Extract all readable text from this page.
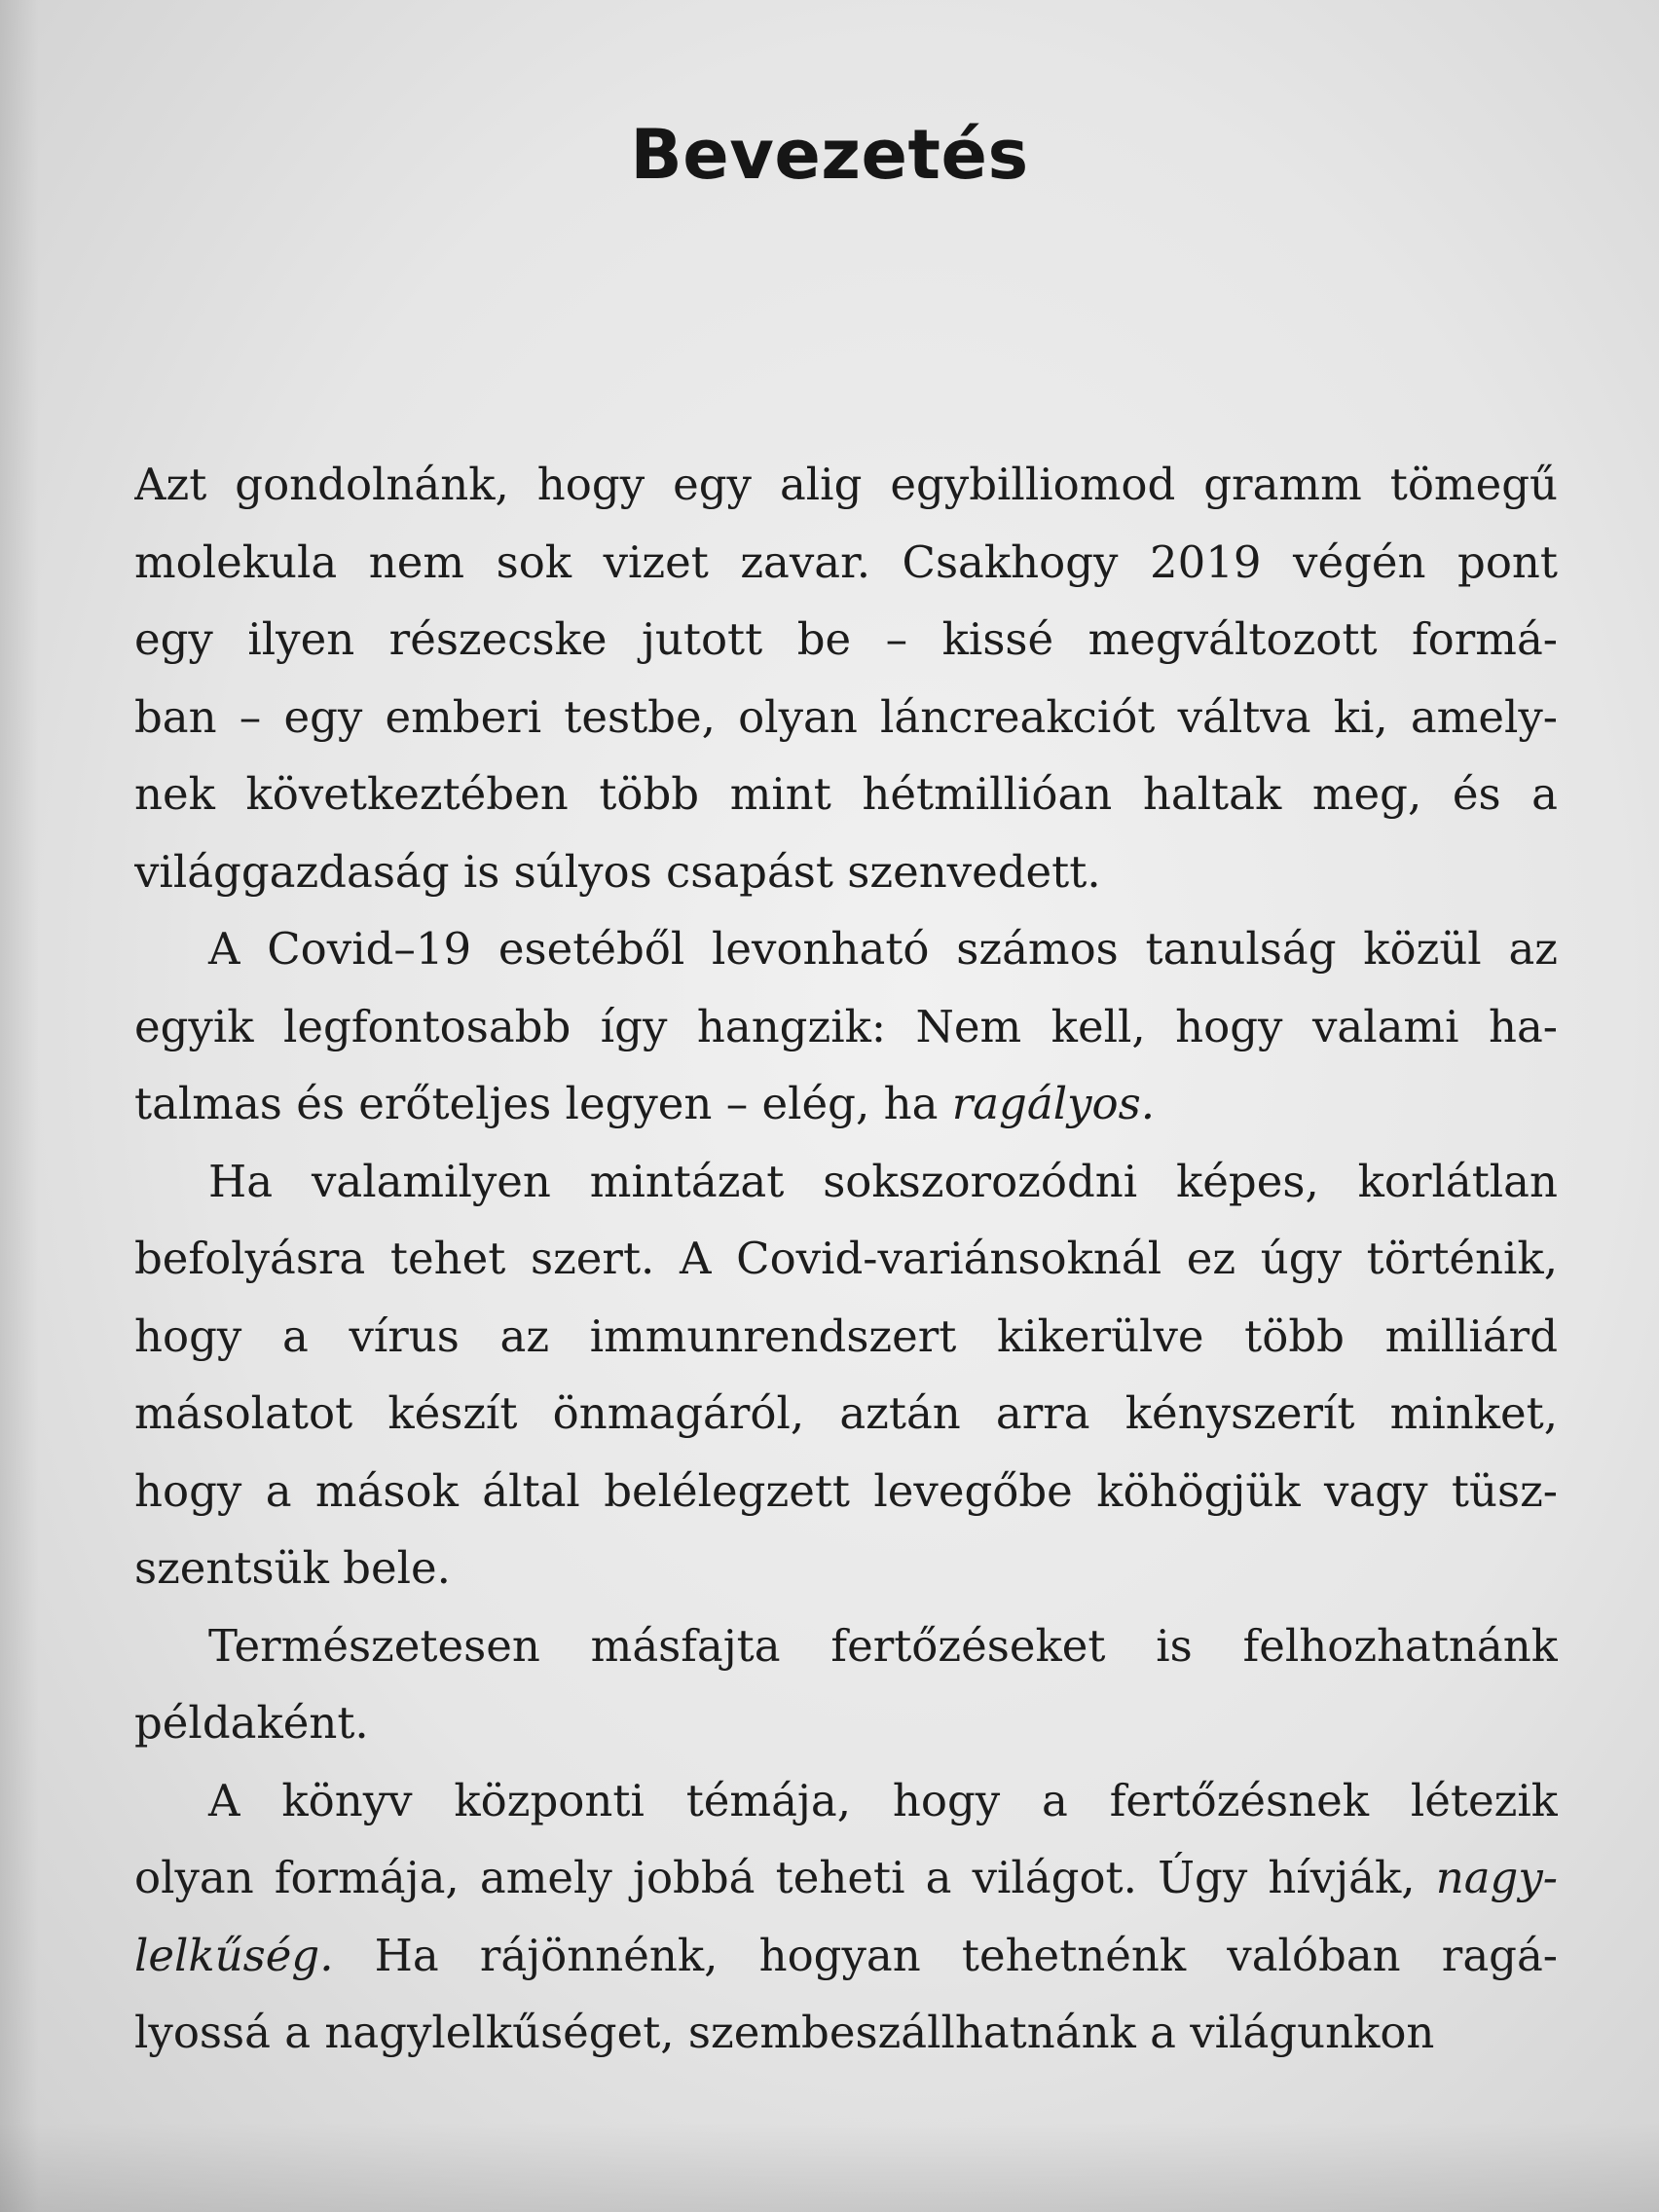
Bevezetés
Azt gondolnánk, hogy egy alig egybilliomod gramm tömegű
molekula nem sok vizet zavar. Csakhogy 2019 végén pont
egy ilyen részecske jutott be – kissé megváltozott formá-
ban – egy emberi testbe, olyan láncreakciót váltva ki, amely-
nek következtében több mint hétmillióan haltak meg, és a
világgazdaság is súlyos csapást szenvedett.
A Covid–19 esetéből levonható számos tanulság közül az
egyik legfontosabb így hangzik: Nem kell, hogy valami ha-
talmas és erőteljes legyen – elég, ha ragályos.
Ha valamilyen mintázat sokszorozódni képes, korlátlan
befolyásra tehet szert. A Covid-variánsoknál ez úgy történik,
hogy a vírus az immunrendszert kikerülve több milliárd
másolatot készít önmagáról, aztán arra kényszerít minket,
hogy a mások által belélegzett levegőbe köhögjük vagy tüsz-
szentsük bele.
Természetesen másfajta fertőzéseket is felhozhatnánk
példaként.
A könyv központi témája, hogy a fertőzésnek létezik
olyan formája, amely jobbá teheti a világot. Úgy hívják, nagy-
lelkűség. Ha rájönnénk, hogyan tehetnénk valóban ragá-
lyossá a nagylelkűséget, szembeszállhatnánk a világunkon
